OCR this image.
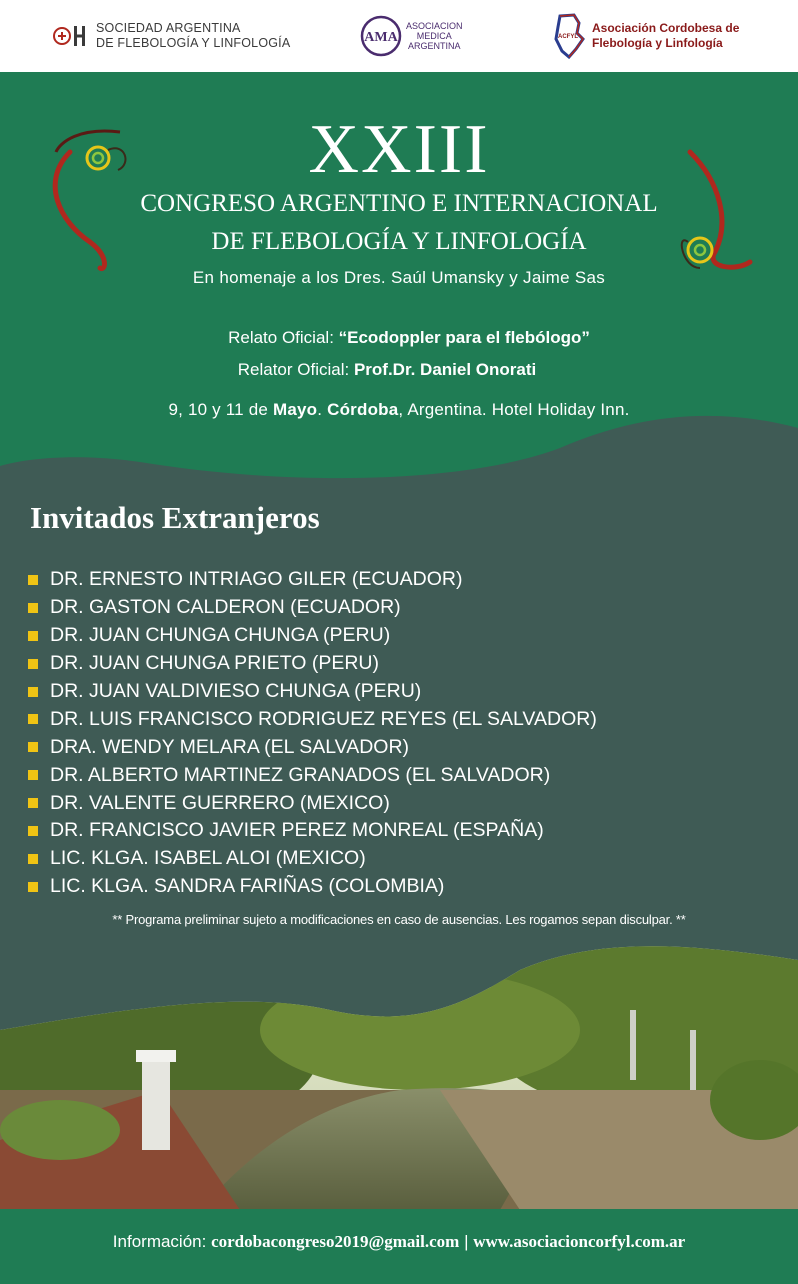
SOCIEDAD ARGENTINA
DE FLEBOLOGÍA Y LINFOLOGÍA	AMA
ASOCIACION
MEDICA
ARGENTINA
ACFYL
Asociación Cordobesa de
Flebología y Linfología
XXIII
CONGRESO ARGENTINO E INTERNACIONAL
DE FLEBOLOGÍA Y LINFOLOGÍA
En homenaje a los Dres. Saúl Umansky y Jaime Sas
Relato Oficial: “Ecodoppler para el flebólogo”
Relator Oficial: Prof.Dr. Daniel Onorati
9, 10 y 11 de Mayo. Córdoba, Argentina. Hotel Holiday Inn.
Invitados Extranjeros
DR. ERNESTO INTRIAGO GILER (ECUADOR)
DR. GASTON CALDERON (ECUADOR)
DR. JUAN CHUNGA CHUNGA (PERU)
DR. JUAN CHUNGA PRIETO (PERU)
DR. JUAN VALDIVIESO CHUNGA (PERU)
DR. LUIS FRANCISCO RODRIGUEZ REYES (EL SALVADOR)
DRA. WENDY MELARA (EL SALVADOR)
DR. ALBERTO MARTINEZ GRANADOS (EL SALVADOR)
DR. VALENTE GUERRERO (MEXICO)
DR. FRANCISCO JAVIER PEREZ MONREAL (ESPAÑA)
LIC. KLGA. ISABEL ALOI (MEXICO)
LIC. KLGA. SANDRA FARIÑAS (COLOMBIA)
** Programa preliminar sujeto a modificaciones en caso de ausencias. Les rogamos sepan disculpar. **
Información: cordobacongreso2019@gmail.com | www.asociacioncorfyl.com.ar
